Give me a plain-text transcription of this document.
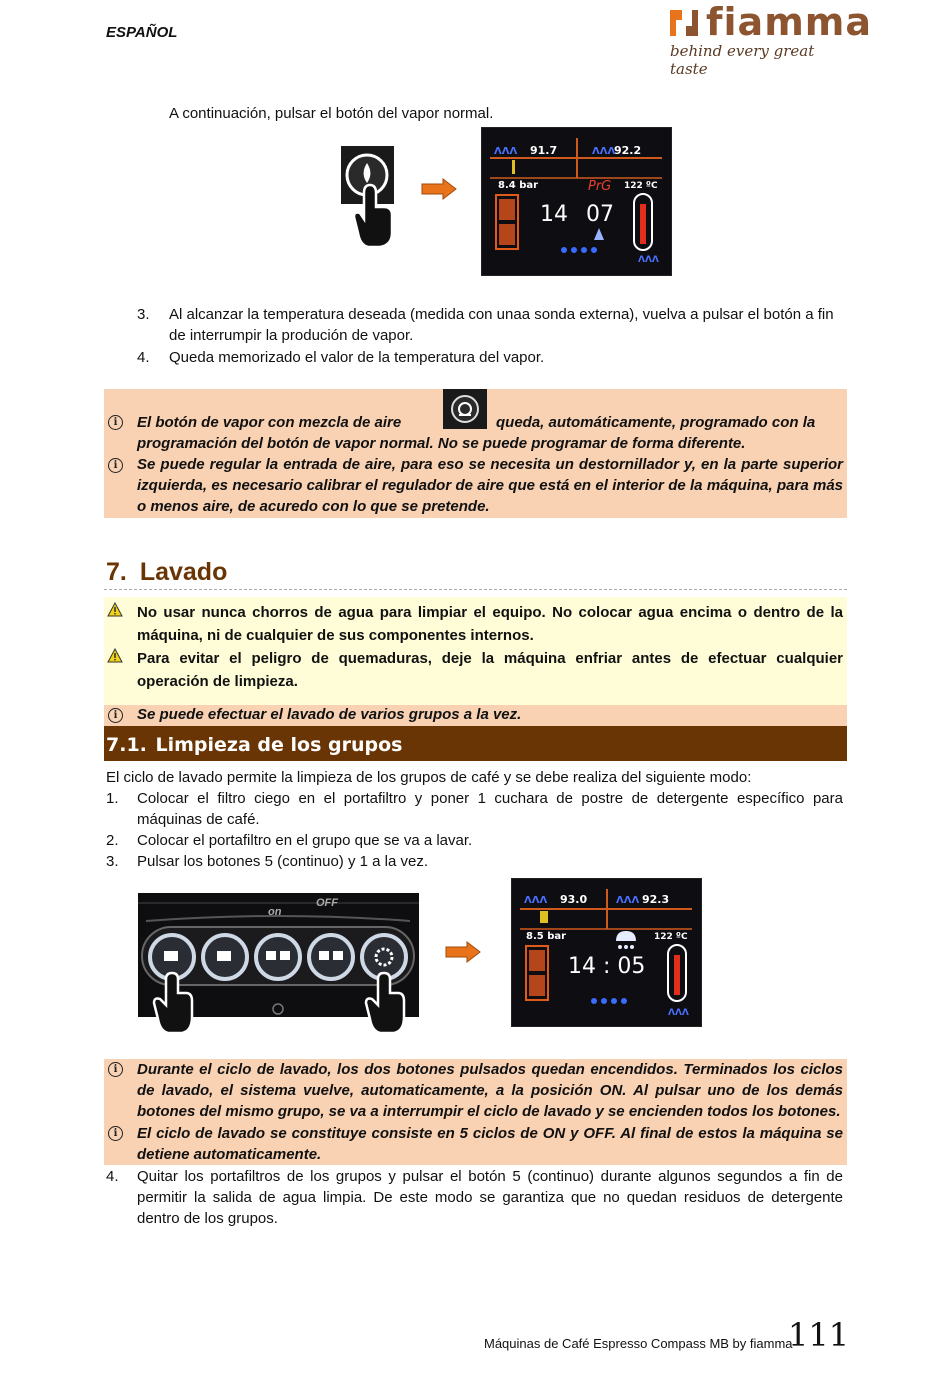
ESPAÑOL	fiamma
behind every great taste
A continuación, pulsar el botón del vapor normal.
ΛΛΛ 91.7	ΛΛΛ
92.2
8.4 bar	PrG 122 ºC
14 07
ΛΛΛ
3. Al alcanzar la temperatura deseada (medida con unaa sonda externa), vuelva a pulsar el botón a fin de interrumpir la produción de vapor.
4. Queda memorizado el valor de la temperatura del vapor.
i	El botón de vapor con mezcla de aire	queda, automáticamente, programado con la
programación del botón de vapor normal. No se puede programar de forma diferente.
i	Se puede regular la entrada de aire, para eso se necesita un destornillador y, en la parte superior izquierda, es necesario calibrar el regulador de aire que está en el interior de la máquina, para más o menos aire, de acuredo con lo que se pretende.
7. Lavado
No usar nunca chorros de agua para limpiar el equipo. No colocar agua encima o dentro de la máquina, ni de cualquier de sus componentes internos.
Para evitar el peligro de quemaduras, deje la máquina enfriar antes de efectuar cualquier operación de limpieza.
i	Se puede efectuar el lavado de varios grupos a la vez.
7.1. Limpieza de los grupos
El ciclo de lavado permite la limpieza de los grupos de café y se debe realiza del siguiente modo:
1. Colocar el filtro ciego en el portafiltro y poner 1 cuchara de postre de detergente específico para máquinas de café.
2. Colocar el portafiltro en el grupo que se va a lavar.
3. Pulsar los botones 5 (continuo) y 1 a la vez.
OFF
on
ΛΛΛ 93.0	ΛΛΛ 92.3
8.5 bar	122 ºC
14 : 05
ΛΛΛ
i	Durante el ciclo de lavado, los dos botones pulsados quedan encendidos. Terminados los ciclos de lavado, el sistema vuelve, automaticamente, a la posición ON. Al pulsar uno de los demás botones del mismo grupo, se va a interrumpir el ciclo de lavado y se encienden todos los botones.
i	El ciclo de lavado se constituye consiste en 5 ciclos de ON y OFF. Al final de estos la máquina se detiene automaticamente.
4. Quitar los portafiltros de los grupos y pulsar el botón 5 (continuo) durante algunos segundos a fin de permitir la salida de agua limpia. De este modo se garantiza que no quedan residuos de detergente dentro de los grupos.
Máquinas de Café Espresso Compass MB by fiamma
111
